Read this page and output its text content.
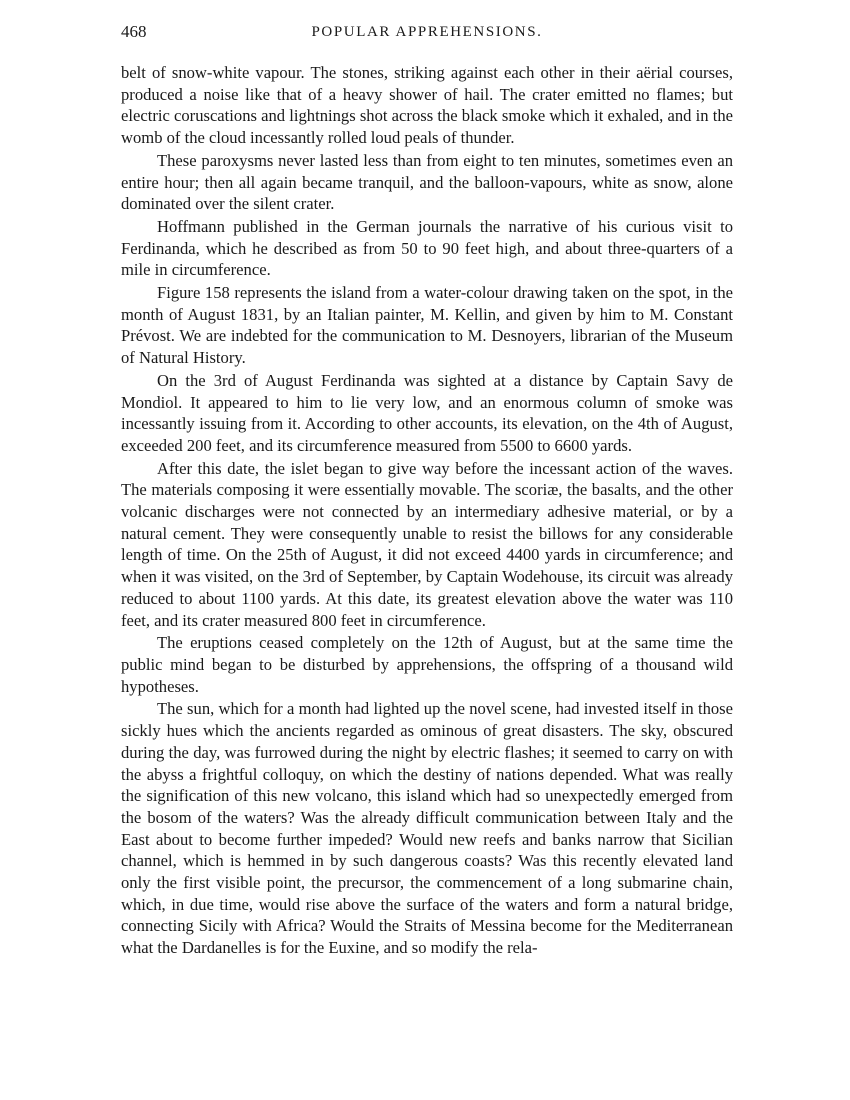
468	POPULAR APPREHENSIONS.

belt of snow-white vapour. The stones, striking against each other in their aërial courses, produced a noise like that of a heavy shower of hail. The crater emitted no flames; but electric coruscations and lightnings shot across the black smoke which it exhaled, and in the womb of the cloud incessantly rolled loud peals of thunder.

These paroxysms never lasted less than from eight to ten minutes, sometimes even an entire hour; then all again became tranquil, and the balloon-vapours, white as snow, alone dominated over the silent crater.

Hoffmann published in the German journals the narrative of his curious visit to Ferdinanda, which he described as from 50 to 90 feet high, and about three-quarters of a mile in circumference.

Figure 158 represents the island from a water-colour drawing taken on the spot, in the month of August 1831, by an Italian painter, M. Kellin, and given by him to M. Constant Prévost. We are indebted for the communication to M. Desnoyers, librarian of the Museum of Natural History.

On the 3rd of August Ferdinanda was sighted at a distance by Captain Savy de Mondiol. It appeared to him to lie very low, and an enormous column of smoke was incessantly issuing from it. According to other accounts, its elevation, on the 4th of August, exceeded 200 feet, and its circumference measured from 5500 to 6600 yards.

After this date, the islet began to give way before the incessant action of the waves. The materials composing it were essentially movable. The scoriæ, the basalts, and the other volcanic discharges were not connected by an intermediary adhesive material, or by a natural cement. They were consequently unable to resist the billows for any considerable length of time. On the 25th of August, it did not exceed 4400 yards in circumference; and when it was visited, on the 3rd of September, by Captain Wodehouse, its circuit was already reduced to about 1100 yards. At this date, its greatest elevation above the water was 110 feet, and its crater measured 800 feet in circumference.

The eruptions ceased completely on the 12th of August, but at the same time the public mind began to be disturbed by apprehensions, the offspring of a thousand wild hypotheses.

The sun, which for a month had lighted up the novel scene, had invested itself in those sickly hues which the ancients regarded as ominous of great disasters. The sky, obscured during the day, was furrowed during the night by electric flashes; it seemed to carry on with the abyss a frightful colloquy, on which the destiny of nations depended. What was really the signification of this new volcano, this island which had so unexpectedly emerged from the bosom of the waters? Was the already difficult communication between Italy and the East about to become further impeded? Would new reefs and banks narrow that Sicilian channel, which is hemmed in by such dangerous coasts? Was this recently elevated land only the first visible point, the precursor, the commencement of a long submarine chain, which, in due time, would rise above the surface of the waters and form a natural bridge, connecting Sicily with Africa? Would the Straits of Messina become for the Mediterranean what the Dardanelles is for the Euxine, and so modify the rela-
